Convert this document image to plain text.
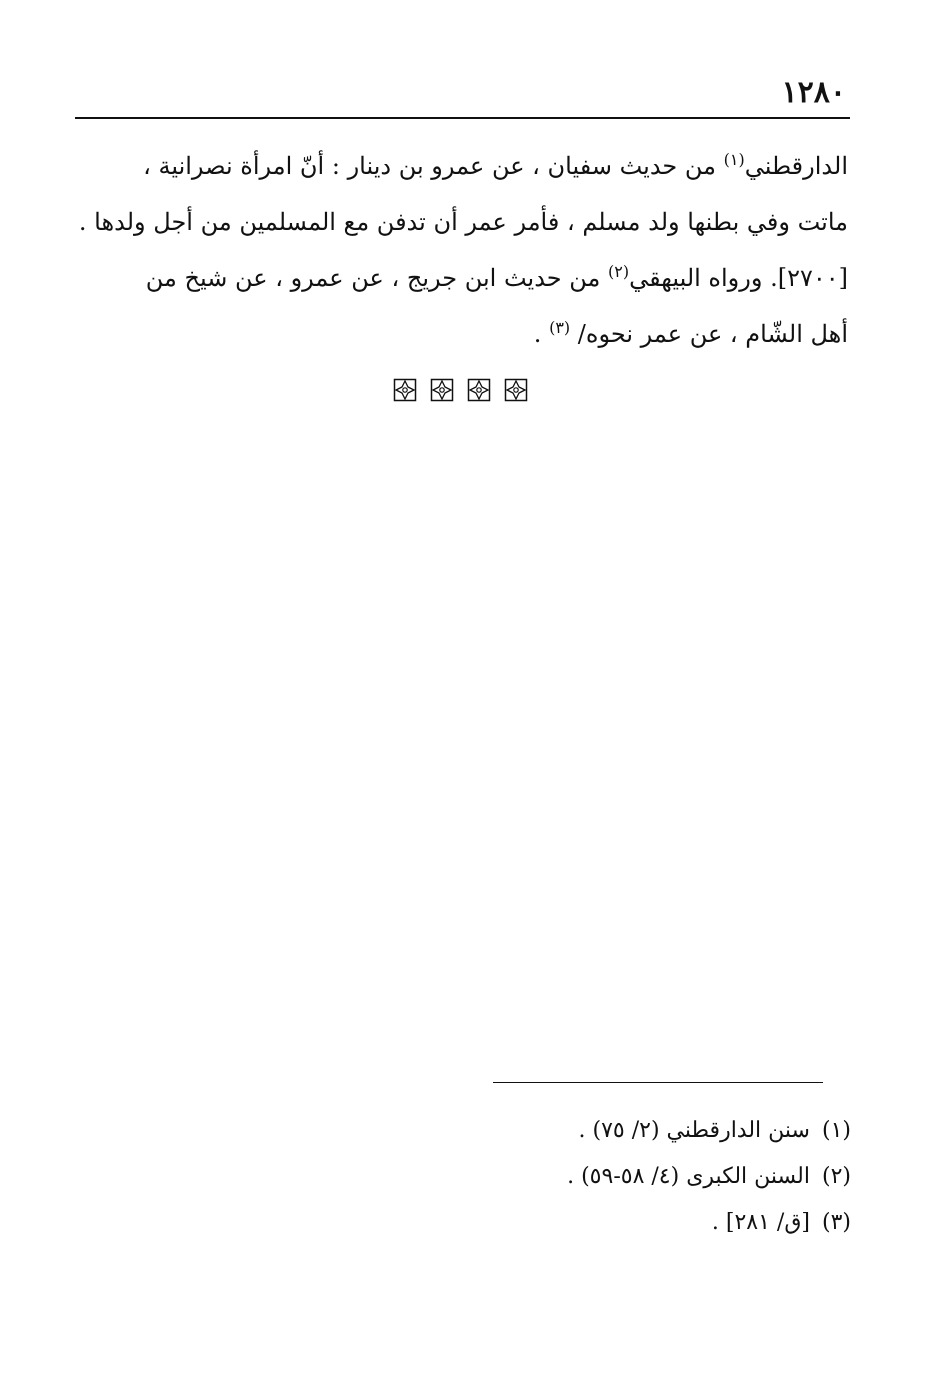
١٢٨٠

الدارقطني$^{(١)}$ من حديث سفيان ، عن عمرو بن دينار : أنّ امرأة نصرانية ،
ماتت وفي بطنها ولد مسلم ، فأمر عمر أن تدفن مع المسلمين من أجل ولدها .
[٢٧٠٠]. ورواه البيهقي$^{(٢)}$ من حديث ابن جريج ، عن عمرو ، عن شيخ من
أهل الشّام ، عن عمر نحوه/ $^{(٣)}$ .

(١)
سنن الدارقطني (٢/ ٧٥) .
(٢)
السنن الكبرى (٤/ ٥٨-٥٩) .
(٣)
[ق/ ٢٨١] .
